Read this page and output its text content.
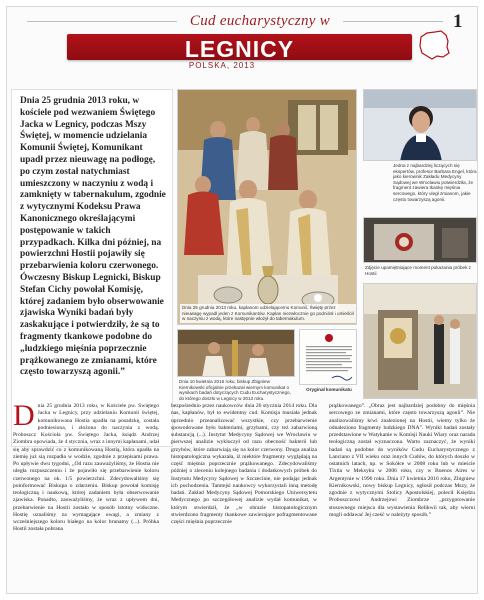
Cud eucharystyczny w
LEGNICY
POLSKA, 2013
1

Dnia 25 grudnia 2013 roku, w kościele pod wezwaniem Świętego Jacka w Legnicy, podczas Mszy Świętej, w momencie udzielania Komunii Świętej, Komunikant upadł przez nieuwagę na podłogę, po czym został natychmiast umieszczony w naczyniu z wodą i zamknięty w tabernakulum, zgodnie z wytycznymi Kodeksu Prawa Kanonicznego określającymi postępowanie w takich przypadkach. Kilka dni później, na powierzchni Hostii pojawiły się przebarwienia koloru czerwonego. Ówczesny Biskup Legnicki, Biskup Stefan Cichy powołał Komisję, której zadaniem było obserwowanie zjawiska Wyniki badań były zaskakujące i potwierdziły, że są to fragmenty tkankowe podobne do „ludzkiego mięśnia poprzecznie prążkowanego ze zmianami, które często towarzyszą agonii.”

Dnia 25 grudnia 2013 roku, kapłanom udzielającemu Komunii, Święty przez nieuwagę wypadł jeden z Komunikantów. Kapłan niezwłocznie go podniósł i umieścił w naczyniu z wodą, które następnie włożył do tabernakulum.
Jedna z najbardziej liczących się ekspertów, profesor Barbara Engel, która jako kierownik Zakładu Medycyny Sądowej we Wrocławiu potwierdziła, że fragment zawiera tkankę mięśnia sercowego, który uległ zmianom, jakie często towarzyszą agonii.
Zdjęcie upamiętniające moment pokazania próbek z Hostii
Dnia 10 kwietnia 2016 roku, biskup Zbigniew Kiernikowski oficjalnie przekazał wiernym komunikat o wynikach badań dotyczących Cudu Eucharystycznego, do którego doszło w Legnicy w 2013 roku.
Oryginał komunikatu
D nia 25 grudnia 2013 roku, w Kościele pw. Świętego Jacka w Legnicy, przy udzielaniu Komunii świętej, komunikowana Hostia upadła na posadzkę, została podniesiona, i złożona do naczynia z wodą. Proboszcz Kościoła pw. Świętego Jacka, ksiądz Andrzej Ziombra opowiada, że 4 stycznia, wraz z innymi kapłanami, udał się aby sprawdzić co z komunikowaną Hostią, która upadła na ziemię już sią rozpadła w wodzie, zgodnie z przepisami prawa. Po upływie dwu tygodni, „Od razu zauważyliśmy, że Hostia nie uległa rozpuszczeniu i że pojawiło się przebarwienie koloru czerwonego na ok. 1/5 powierzchni. Zdecydowaliśmy się poinformować Biskupa o zdarzeniu. Biskup powołał komisję teologiczną i naukową, której zadaniem była obserwowanie zjawiska. Ponadto, zauważyliśmy, że wraz z upływem dni, przebarwienie na Hostii zostało w sposób istotny widoczne. Hostię uznaliśmy za wymagające uwagi, a zmiany z wcześniejszego koloru białego na kolor brunatny (...). Próbka Hostii została pobrana
bezpośrednio przez naukowców dnia 26 stycznia 2014 roku. Dla nas, kapłanów, był to ewidentny cud. Komisja musiała jednak uprzednio przeanalizować wszystkie, czy przebarwienie spowodowane było bakteriami, grzybami, czy też zabarwioną substancją (...). Instytut Medycyny Sądowej we Wrocławiu w pierwszej analizie wykluczył od razu obecność bakterii lub grzybów, które zabarwiają się na kolor czerwony. Druga analiza histopatologiczna wykazała, iż niektóre fragmenty wyglądają na część mięśnia poprzecznie prążkowanego. Zdecydowaliśmy później o zleceniu kolejnego badania i dodatkowych próbek do Instytutu Medycyny Sądowej w Szczecinie, nie podając jednak ich pochodzenia. Tamtejsi naukowcy wykorzystali inną metodę badań. Zakład Medycyny Sądowej Pomorskiego Uniwersytetu Medycznego po szczegółowej analizie wydał komunikat, w którym stwierdził, że „w obrazie histopatologicznym stwierdzono fragmenty tkankowe zawierające pofragmentowane części mięśnia poprzecznie
prążkowanego”. „Obraz jest najbardziej podobny do mięśnia sercowego ze zmianami, które często towarzyszą agonii”. Nie analizowaliśmy krwi znalezionej na Hostii, wiemy tylko że odnaleziono fragmenty ludzkiego DNA”. Wyniki badań zostały przedstawione w Watykanie w Komisji Nauki Wiary oraz narada teologiczną został wyznaczona. Warto zaznaczyć, że wyniki badań są podobne do wyników Cudu Eucharystycznego z Lanciano z VII wieku oraz innych Cudów, do których doszło w ostatnich latach, np. w Sokółce w 2008 roku lub w mieście Tixtla w Meksyku w 2006 roku, czy w Buenos Aires w Argentynie w 1996 roku. Dnia 17 kwietnia 2016 roku, Zbigniew Kiernikowski, nowy biskup Legnicy, ogłosił podczas Mszy, że zgodnie z wytycznymi Stolicy Apostolskiej, polecił Księdzu Proboszczowi Andrzejowi Ziombrze „przygotowanie stosownego miejsca dla wystawienia Relikwii tak, aby wierni mogli oddawać Jej cześć w należyty sposób.”
